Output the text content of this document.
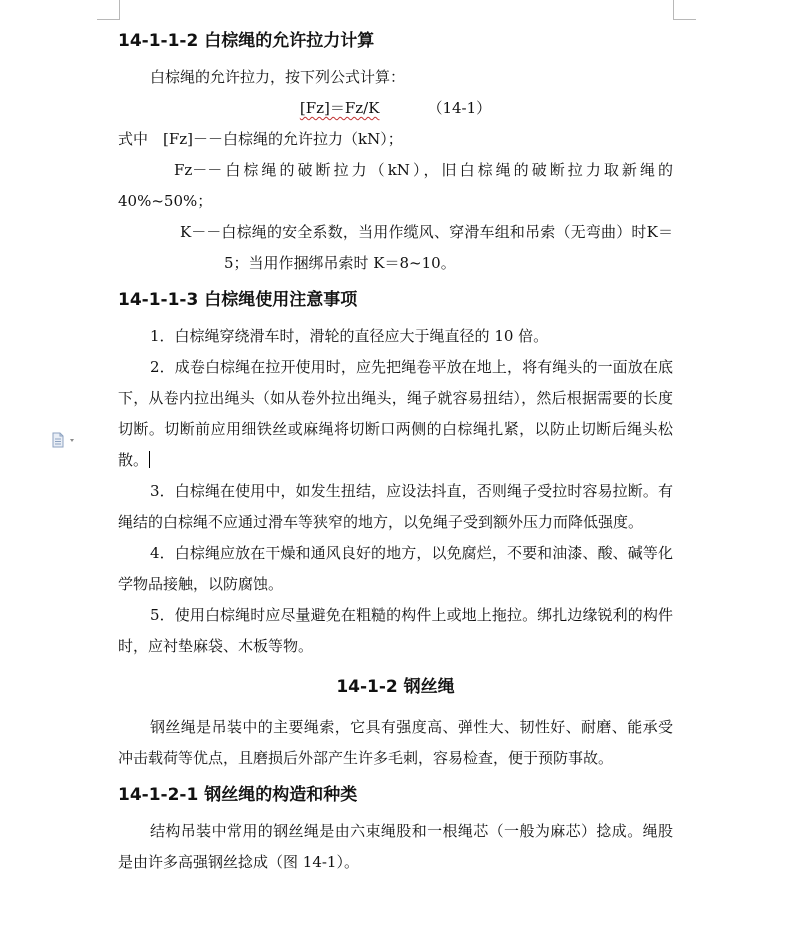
14-1-1-2 白棕绳的允许拉力计算

白棕绳的允许拉力，按下列公式计算：

[Fz]＝Fz/K	（14-1）

式中　[Fz]－－白棕绳的允许拉力（kN）；

Fz－－白棕绳的破断拉力（kN），旧白棕绳的破断拉力取新绳的40%~50%；

K－－白棕绳的安全系数，当用作缆风、穿滑车组和吊索（无弯曲）时K＝5；当用作捆绑吊索时 K＝8~10。

14-1-1-3 白棕绳使用注意事项

1．白棕绳穿绕滑车时，滑轮的直径应大于绳直径的 10 倍。

2．成卷白棕绳在拉开使用时，应先把绳卷平放在地上，将有绳头的一面放在底下，从卷内拉出绳头（如从卷外拉出绳头，绳子就容易扭结），然后根据需要的长度切断。切断前应用细铁丝或麻绳将切断口两侧的白棕绳扎紧，以防止切断后绳头松散。

3．白棕绳在使用中，如发生扭结，应设法抖直，否则绳子受拉时容易拉断。有绳结的白棕绳不应通过滑车等狭窄的地方，以免绳子受到额外压力而降低强度。

4．白棕绳应放在干燥和通风良好的地方，以免腐烂，不要和油漆、酸、碱等化学物品接触，以防腐蚀。

5．使用白棕绳时应尽量避免在粗糙的构件上或地上拖拉。绑扎边缘锐利的构件时，应衬垫麻袋、木板等物。

14-1-2 钢丝绳

钢丝绳是吊装中的主要绳索，它具有强度高、弹性大、韧性好、耐磨、能承受冲击载荷等优点，且磨损后外部产生许多毛刺，容易检查，便于预防事故。

14-1-2-1 钢丝绳的构造和种类

结构吊装中常用的钢丝绳是由六束绳股和一根绳芯（一般为麻芯）捻成。绳股是由许多高强钢丝捻成（图 14-1）。
